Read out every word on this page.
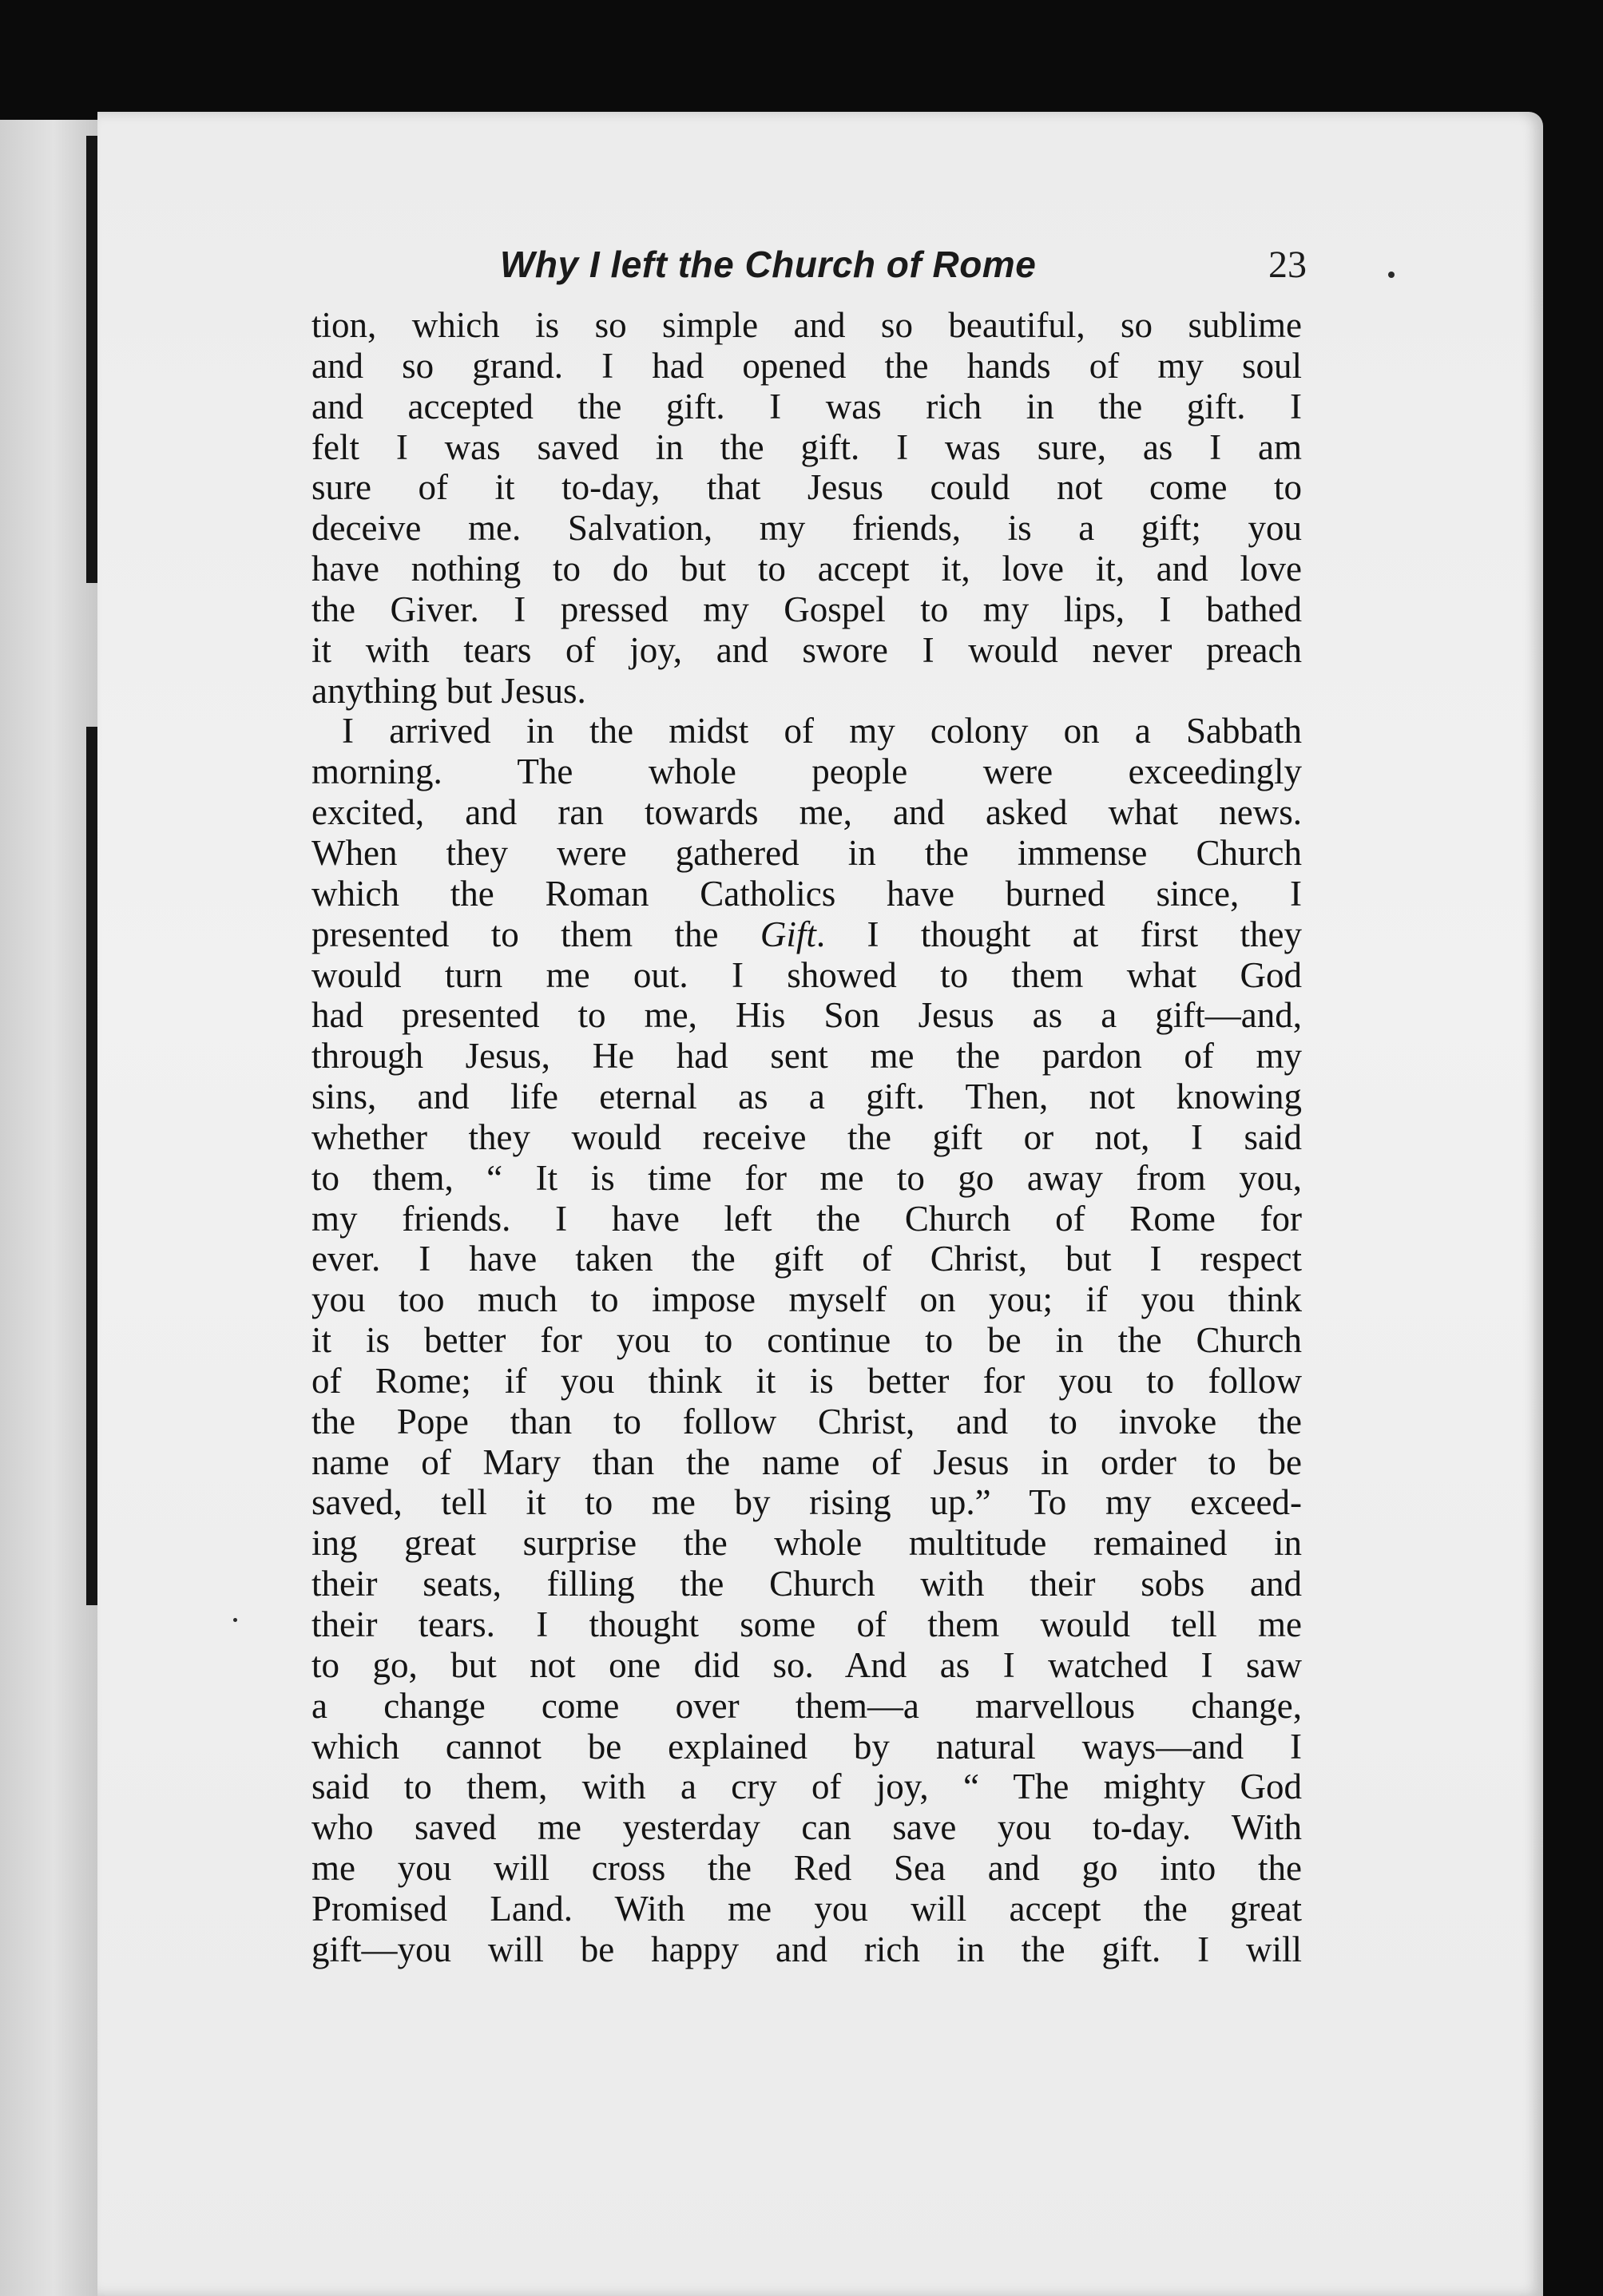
Why I left the Church of Rome	23
tion, which is so simple and so beautiful, so sublime
and so grand. I had opened the hands of my soul
and accepted the gift. I was rich in the gift. I
felt I was saved in the gift. I was sure, as I am
sure of it to-day, that Jesus could not come to
deceive me. Salvation, my friends, is a gift; you
have nothing to do but to accept it, love it, and love
the Giver. I pressed my Gospel to my lips, I bathed
it with tears of joy, and swore I would never preach
anything but Jesus.
I arrived in the midst of my colony on a Sabbath
morning. The whole people were exceedingly
excited, and ran towards me, and asked what news.
When they were gathered in the immense Church
which the Roman Catholics have burned since, I
presented to them the Gift. I thought at first they
would turn me out. I showed to them what God
had presented to me, His Son Jesus as a gift—and,
through Jesus, He had sent me the pardon of my
sins, and life eternal as a gift. Then, not knowing
whether they would receive the gift or not, I said
to them, “ It is time for me to go away from you,
my friends. I have left the Church of Rome for
ever. I have taken the gift of Christ, but I respect
you too much to impose myself on you; if you think
it is better for you to continue to be in the Church
of Rome; if you think it is better for you to follow
the Pope than to follow Christ, and to invoke the
name of Mary than the name of Jesus in order to be
saved, tell it to me by rising up.” To my exceed-
ing great surprise the whole multitude remained in
their seats, filling the Church with their sobs and
their tears. I thought some of them would tell me
to go, but not one did so. And as I watched I saw
a change come over them—a marvellous change,
which cannot be explained by natural ways—and I
said to them, with a cry of joy, “ The mighty God
who saved me yesterday can save you to-day. With
me you will cross the Red Sea and go into the
Promised Land. With me you will accept the great
gift—you will be happy and rich in the gift. I will
